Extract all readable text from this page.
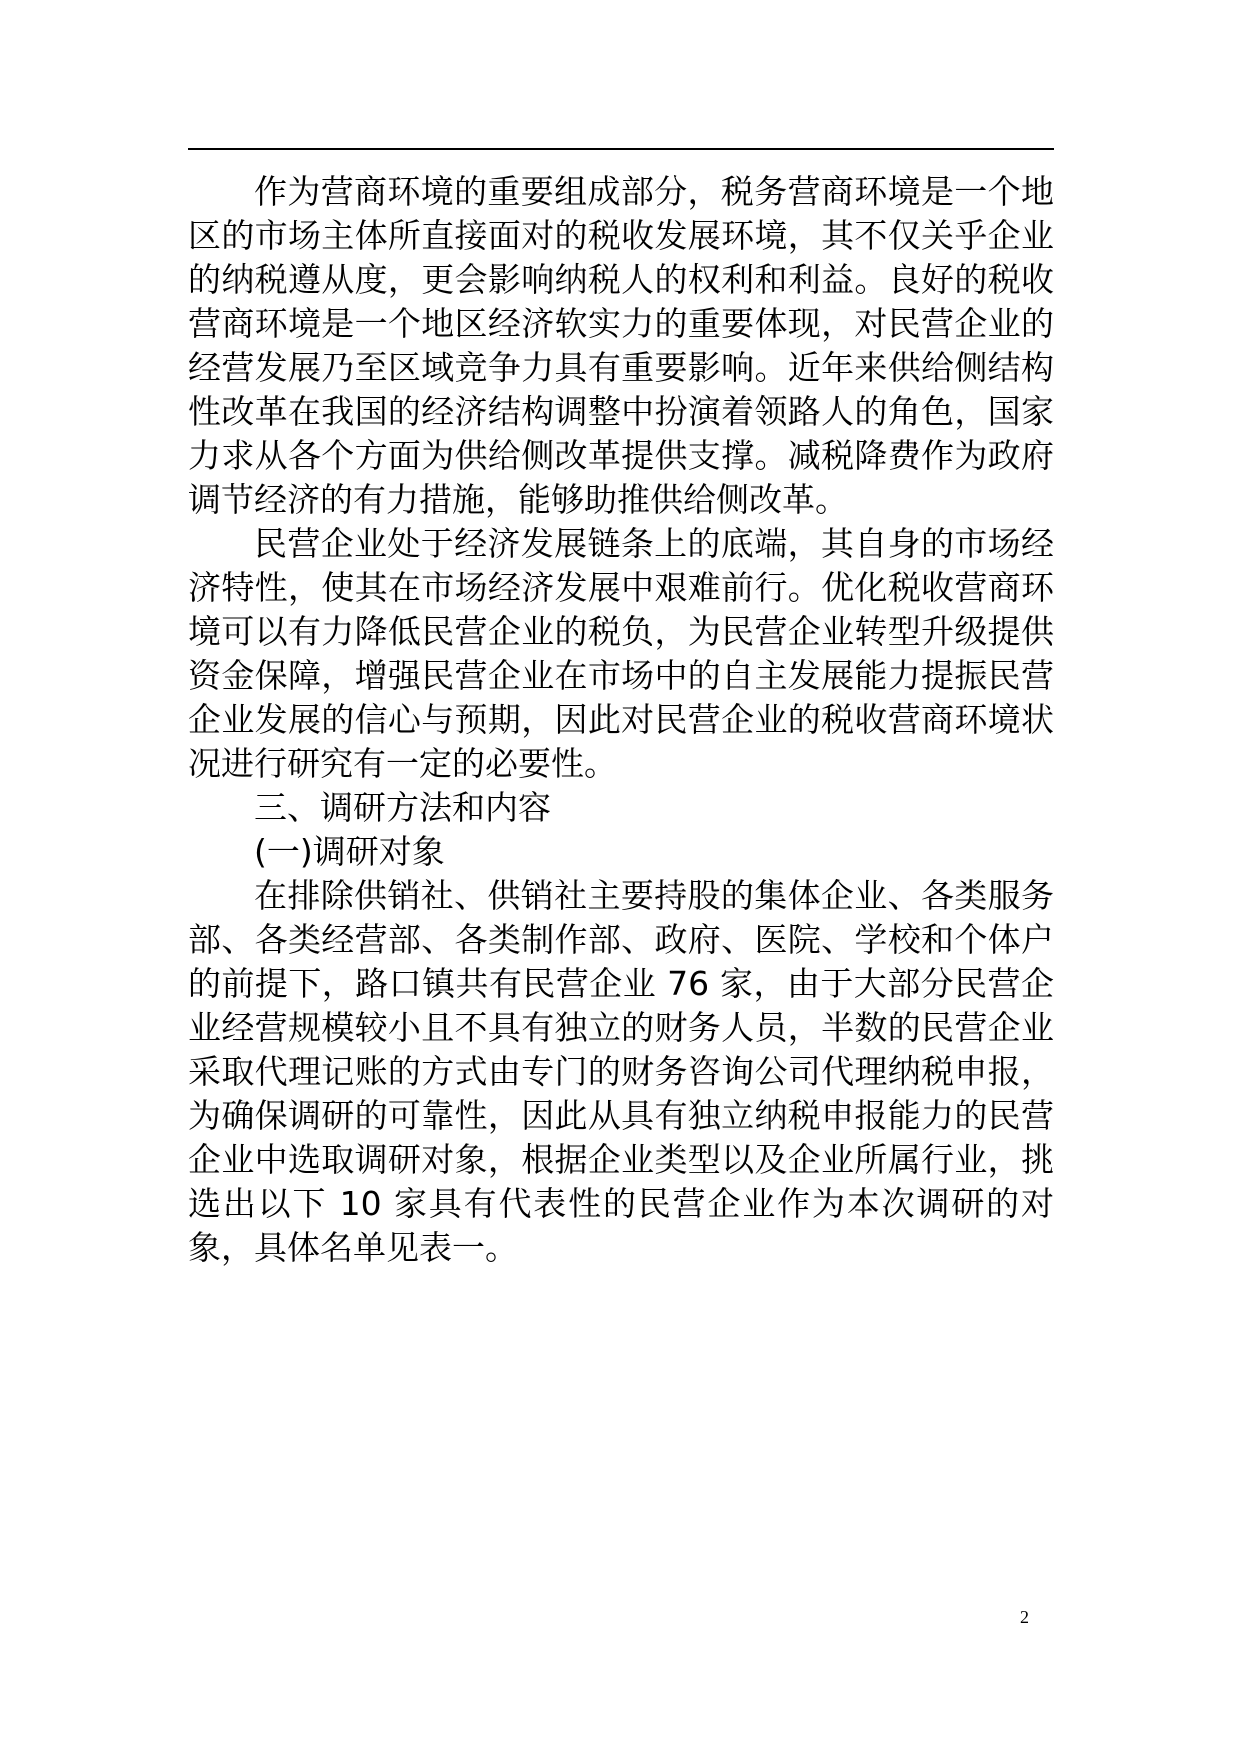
作为营商环境的重要组成部分，税务营商环境是一个地区的市场主体所直接面对的税收发展环境，其不仅关乎企业的纳税遵从度，更会影响纳税人的权利和利益。良好的税收营商环境是一个地区经济软实力的重要体现，对民营企业的经营发展乃至区域竞争力具有重要影响。近年来供给侧结构性改革在我国的经济结构调整中扮演着领路人的角色，国家力求从各个方面为供给侧改革提供支撑。减税降费作为政府调节经济的有力措施，能够助推供给侧改革。

民营企业处于经济发展链条上的底端，其自身的市场经济特性，使其在市场经济发展中艰难前行。优化税收营商环境可以有力降低民营企业的税负，为民营企业转型升级提供资金保障，增强民营企业在市场中的自主发展能力提振民营企业发展的信心与预期，因此对民营企业的税收营商环境状况进行研究有一定的必要性。

三、调研方法和内容

(一)调研对象

在排除供销社、供销社主要持股的集体企业、各类服务部、各类经营部、各类制作部、政府、医院、学校和个体户的前提下，路口镇共有民营企业 76 家，由于大部分民营企业经营规模较小且不具有独立的财务人员，半数的民营企业采取代理记账的方式由专门的财务咨询公司代理纳税申报，为确保调研的可靠性，因此从具有独立纳税申报能力的民营企业中选取调研对象，根据企业类型以及企业所属行业，挑选出以下 10 家具有代表性的民营企业作为本次调研的对象，具体名单见表一。

2
